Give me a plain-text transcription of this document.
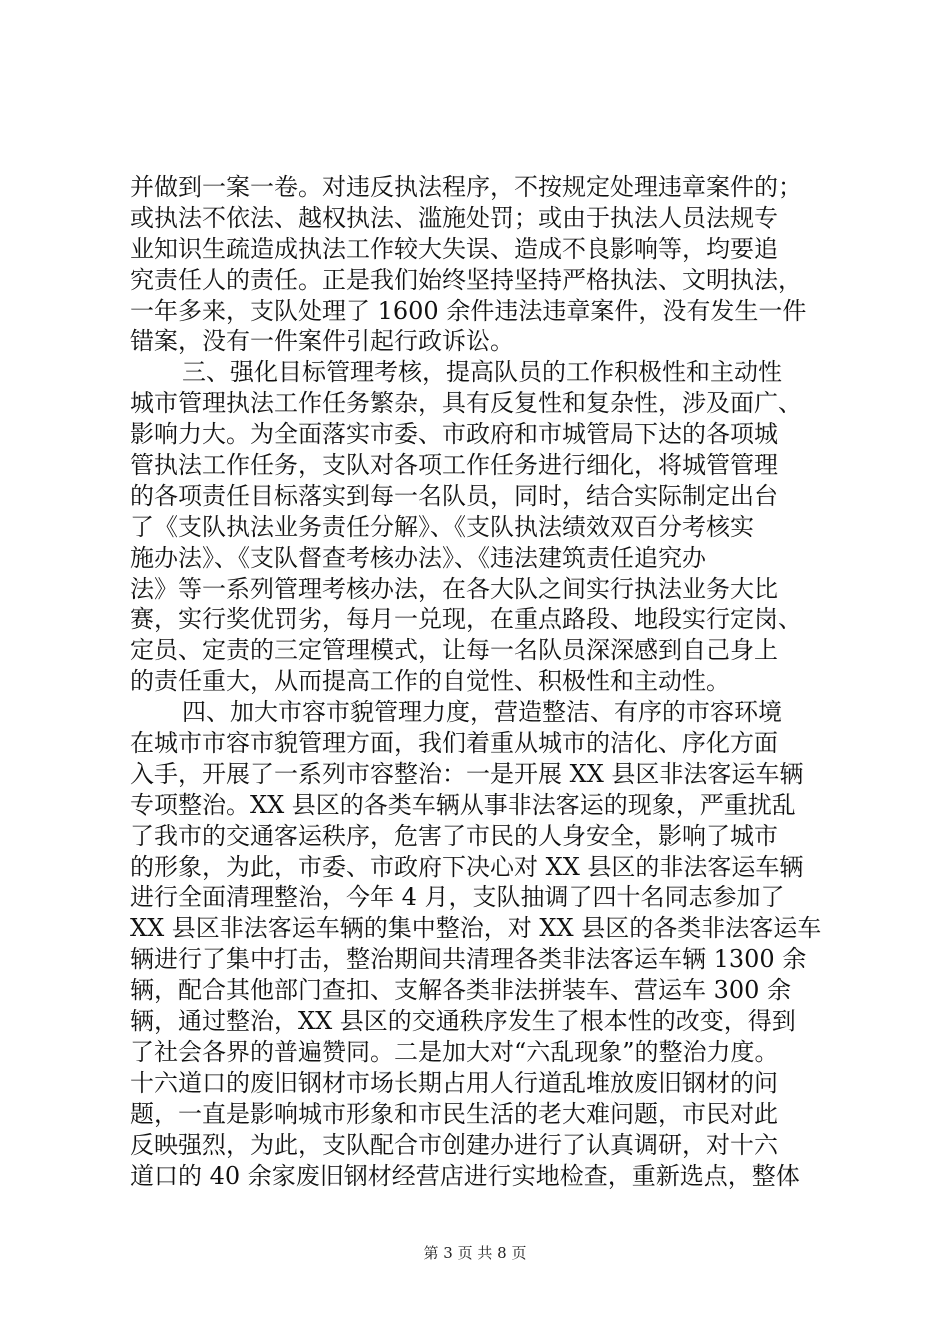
并做到一案一卷。对违反执法程序，不按规定处理违章案件的；
或执法不依法、越权执法、滥施处罚；或由于执法人员法规专
业知识生疏造成执法工作较大失误、造成不良影响等，均要追
究责任人的责任。正是我们始终坚持坚持严格执法、文明执法，
一年多来，支队处理了 1600 余件违法违章案件，没有发生一件
错案，没有一件案件引起行政诉讼。
三、强化目标管理考核，提高队员的工作积极性和主动性
城市管理执法工作任务繁杂，具有反复性和复杂性，涉及面广、
影响力大。为全面落实市委、市政府和市城管局下达的各项城
管执法工作任务，支队对各项工作任务进行细化，将城管管理
的各项责任目标落实到每一名队员，同时，结合实际制定出台
了《支队执法业务责任分解》、《支队执法绩效双百分考核实
施办法》、《支队督查考核办法》、《违法建筑责任追究办
法》等一系列管理考核办法，在各大队之间实行执法业务大比
赛，实行奖优罚劣，每月一兑现，在重点路段、地段实行定岗、
定员、定责的三定管理模式，让每一名队员深深感到自己身上
的责任重大，从而提高工作的自觉性、积极性和主动性。
四、加大市容市貌管理力度，营造整洁、有序的市容环境
在城市市容市貌管理方面，我们着重从城市的洁化、序化方面
入手，开展了一系列市容整治：一是开展 XX 县区非法客运车辆
专项整治。XX 县区的各类车辆从事非法客运的现象，严重扰乱
了我市的交通客运秩序，危害了市民的人身安全，影响了城市
的形象，为此，市委、市政府下决心对 XX 县区的非法客运车辆
进行全面清理整治，今年 4 月，支队抽调了四十名同志参加了
XX 县区非法客运车辆的集中整治，对 XX 县区的各类非法客运车
辆进行了集中打击，整治期间共清理各类非法客运车辆 1300 余
辆，配合其他部门查扣、支解各类非法拼装车、营运车 300 余
辆，通过整治，XX 县区的交通秩序发生了根本性的改变，得到
了社会各界的普遍赞同。二是加大对“六乱现象”的整治力度。
十六道口的废旧钢材市场长期占用人行道乱堆放废旧钢材的问
题，一直是影响城市形象和市民生活的老大难问题，市民对此
反映强烈，为此，支队配合市创建办进行了认真调研，对十六
道口的 40 余家废旧钢材经营店进行实地检查，重新选点，整体
第 3 页 共 8 页
